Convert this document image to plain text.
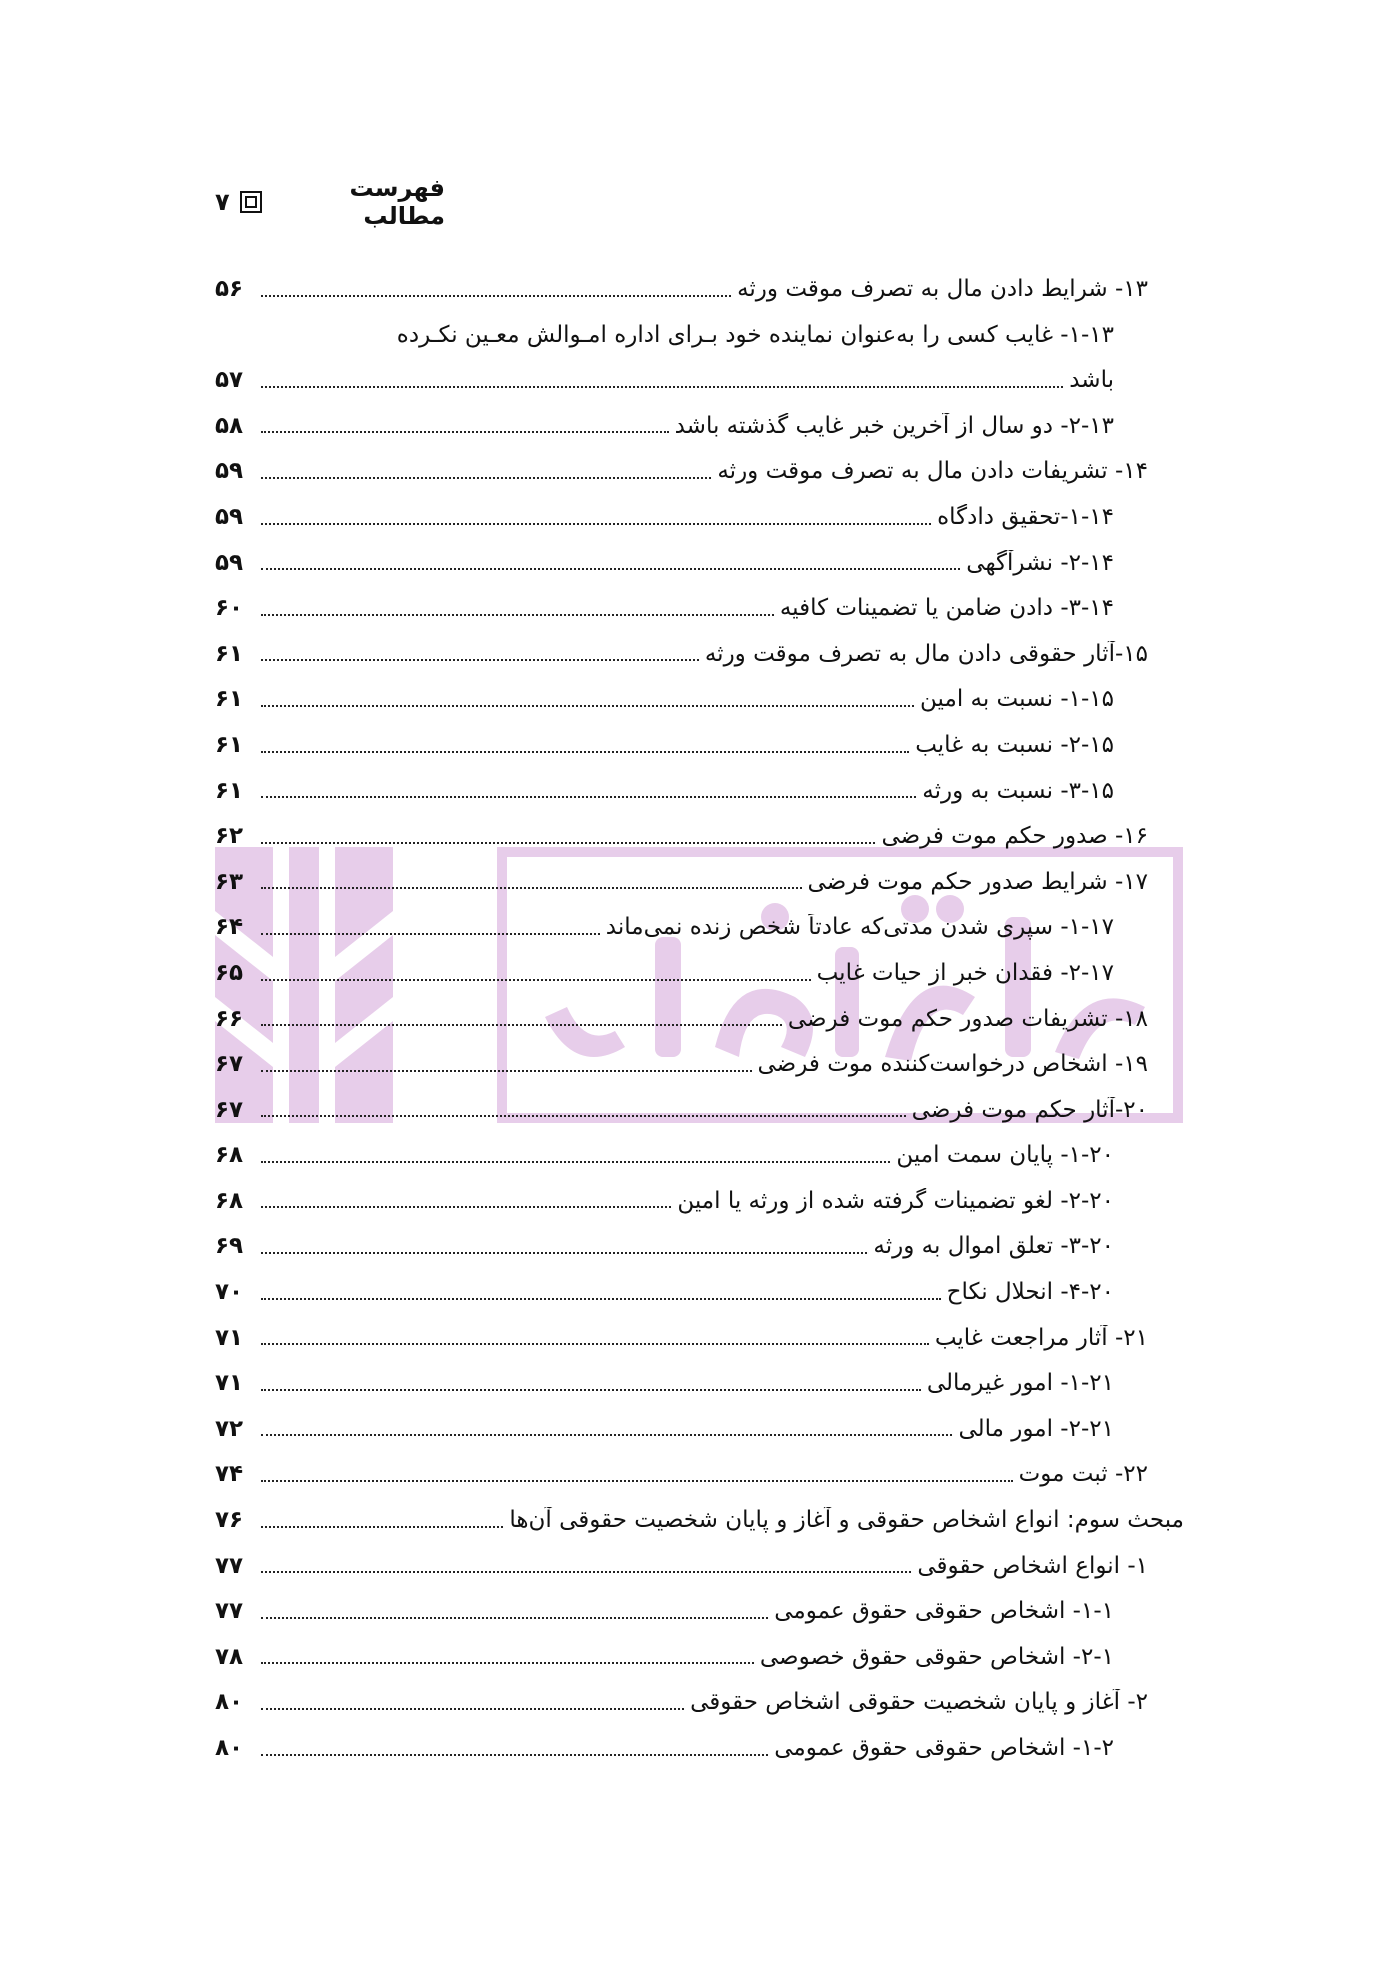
فهرست مطالب
۷
۱۳- شرایط دادن مال به تصرف موقت ورثه
۵۶
۱-۱۳- غایب کسی را به‌عنوان نماینده خود بـرای اداره امـوالش معـین نکـرده
باشد
۵۷
۲-۱۳- دو سال از آخرین خبر غایب گذشته باشد
۵۸
۱۴- تشریفات دادن مال به تصرف موقت ورثه
۵۹
۱-۱۴-تحقیق دادگاه
۵۹
۲-۱۴- نشرآگهی
۵۹
۳-۱۴- دادن ضامن یا تضمینات کافیه
۶۰
۱۵-آثار حقوقی دادن مال به تصرف موقت ورثه
۶۱
۱-۱۵- نسبت به امین
۶۱
۲-۱۵- نسبت به غایب
۶۱
۳-۱۵- نسبت به ورثه
۶۱
۱۶- صدور حکم موت فرضی
۶۲
۱۷- شرایط صدور حکم موت فرضی
۶۳
۱-۱۷- سپری شدن مدتی‌که عادتاً شخص زنده نمی‌ماند
۶۴
۲-۱۷- فقدان خبر از حیات غایب
۶۵
۱۸- تشریفات صدور حکم موت فرضی
۶۶
۱۹- اشخاص درخواست‌کننده موت فرضی
۶۷
۲۰-آثار حکم موت فرضی
۶۷
۱-۲۰- پایان سمت امین
۶۸
۲-۲۰- لغو تضمینات گرفته شده از ورثه یا امین
۶۸
۳-۲۰- تعلق اموال به ورثه
۶۹
۴-۲۰- انحلال نکاح
۷۰
۲۱- آثار مراجعت غایب
۷۱
۱-۲۱- امور غیرمالی
۷۱
۲-۲۱- امور مالی
۷۲
۲۲- ثبت موت
۷۴
مبحث سوم: انواع اشخاص حقوقی و آغاز و پایان شخصیت حقوقی آن‌ها
۷۶
۱- انواع اشخاص حقوقی
۷۷
۱-۱- اشخاص حقوقی حقوق عمومی
۷۷
۲-۱- اشخاص حقوقی حقوق خصوصی
۷۸
۲- آغاز و پایان شخصیت حقوقی اشخاص حقوقی
۸۰
۱-۲- اشخاص حقوقی حقوق عمومی
۸۰
